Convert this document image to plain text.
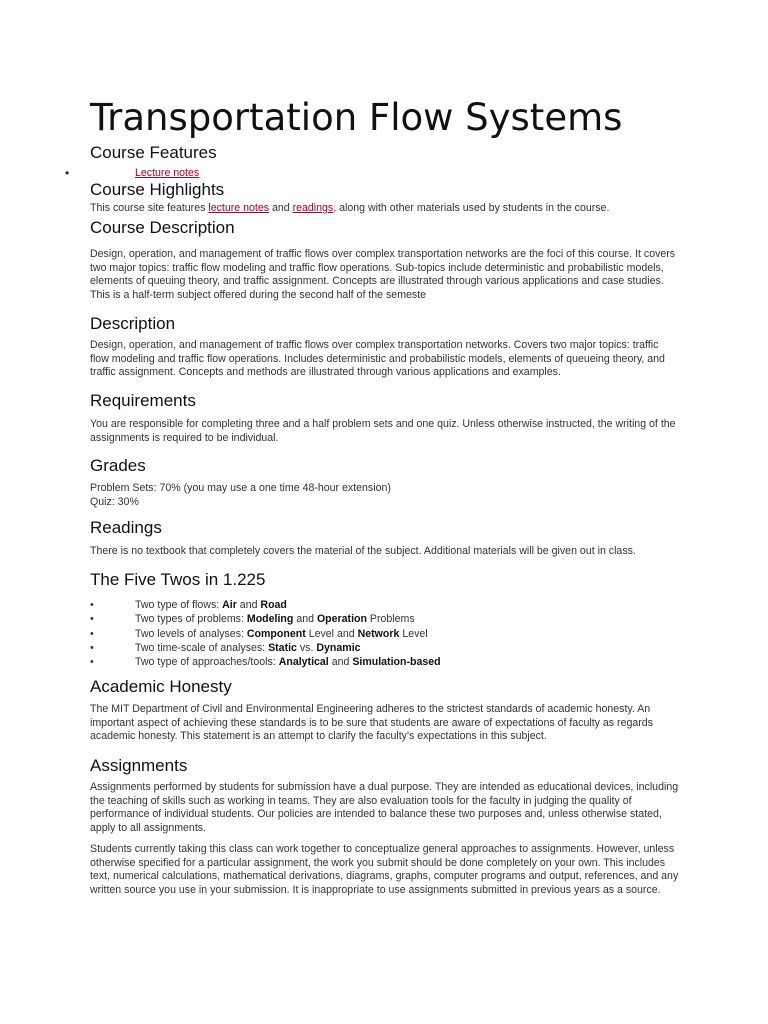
Transportation Flow Systems
Course Features
•	Lecture notes
Course Highlights

This course site features lecture notes and readings, along with other materials used by students in the course.

Course Description

Design, operation, and management of traffic flows over complex transportation networks are the foci of this course. It covers two major topics: traffic flow modeling and traffic flow operations. Sub-topics include deterministic and probabilistic models, elements of queuing theory, and traffic assignment. Concepts are illustrated through various applications and case studies. This is a half-term subject offered during the second half of the semeste

Description

Design, operation, and management of traffic flows over complex transportation networks. Covers two major topics: traffic flow modeling and traffic flow operations. Includes deterministic and probabilistic models, elements of queueing theory, and traffic assignment. Concepts and methods are illustrated through various applications and examples.

Requirements

You are responsible for completing three and a half problem sets and one quiz. Unless otherwise instructed, the writing of the assignments is required to be individual.

Grades

Problem Sets: 70% (you may use a one time 48-hour extension)

Quiz: 30%

Readings

There is no textbook that completely covers the material of the subject. Additional materials will be given out in class.

The Five Twos in 1.225
•	Two type of flows: Air and Road
•	Two types of problems: Modeling and Operation Problems
•	Two levels of analyses: Component Level and Network Level
•	Two time-scale of analyses: Static vs. Dynamic
•	Two type of approaches/tools: Analytical and Simulation-based
Academic Honesty

The MIT Department of Civil and Environmental Engineering adheres to the strictest standards of academic honesty. An important aspect of achieving these standards is to be sure that students are aware of expectations of faculty as regards academic honesty. This statement is an attempt to clarify the faculty's expectations in this subject.

Assignments

Assignments performed by students for submission have a dual purpose. They are intended as educational devices, including the teaching of skills such as working in teams. They are also evaluation tools for the faculty in judging the quality of performance of individual students. Our policies are intended to balance these two purposes and, unless otherwise stated, apply to all assignments.

Students currently taking this class can work together to conceptualize general approaches to assignments. However, unless otherwise specified for a particular assignment, the work you submit should be done completely on your own. This includes text, numerical calculations, mathematical derivations, diagrams, graphs, computer programs and output, references, and any written source you use in your submission. It is inappropriate to use assignments submitted in previous years as a source.
